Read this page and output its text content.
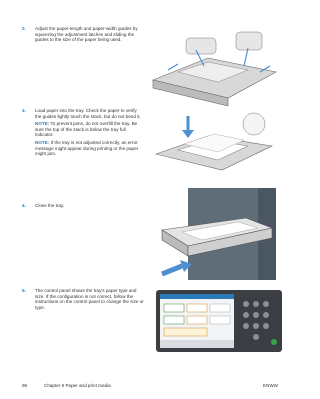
2. Adjust the paper-length and paper-width guides by squeezing the adjustment latches and sliding the guides to the size of the paper being used.

3. Load paper into the tray. Check the paper to verify the guides lightly touch the stack, but do not bend it.

NOTE: To prevent jams, do not overfill the tray. Be sure the top of the stack is below the tray full indicator.

NOTE: If the tray is not adjusted correctly, an error message might appear during printing or the paper might jam.

4. Close the tray.

5. The control panel shows the tray's paper type and size. If the configuration is not correct, follow the instructions on the control panel to change the size or type.

96	Chapter 6 Paper and print media	ENWW
